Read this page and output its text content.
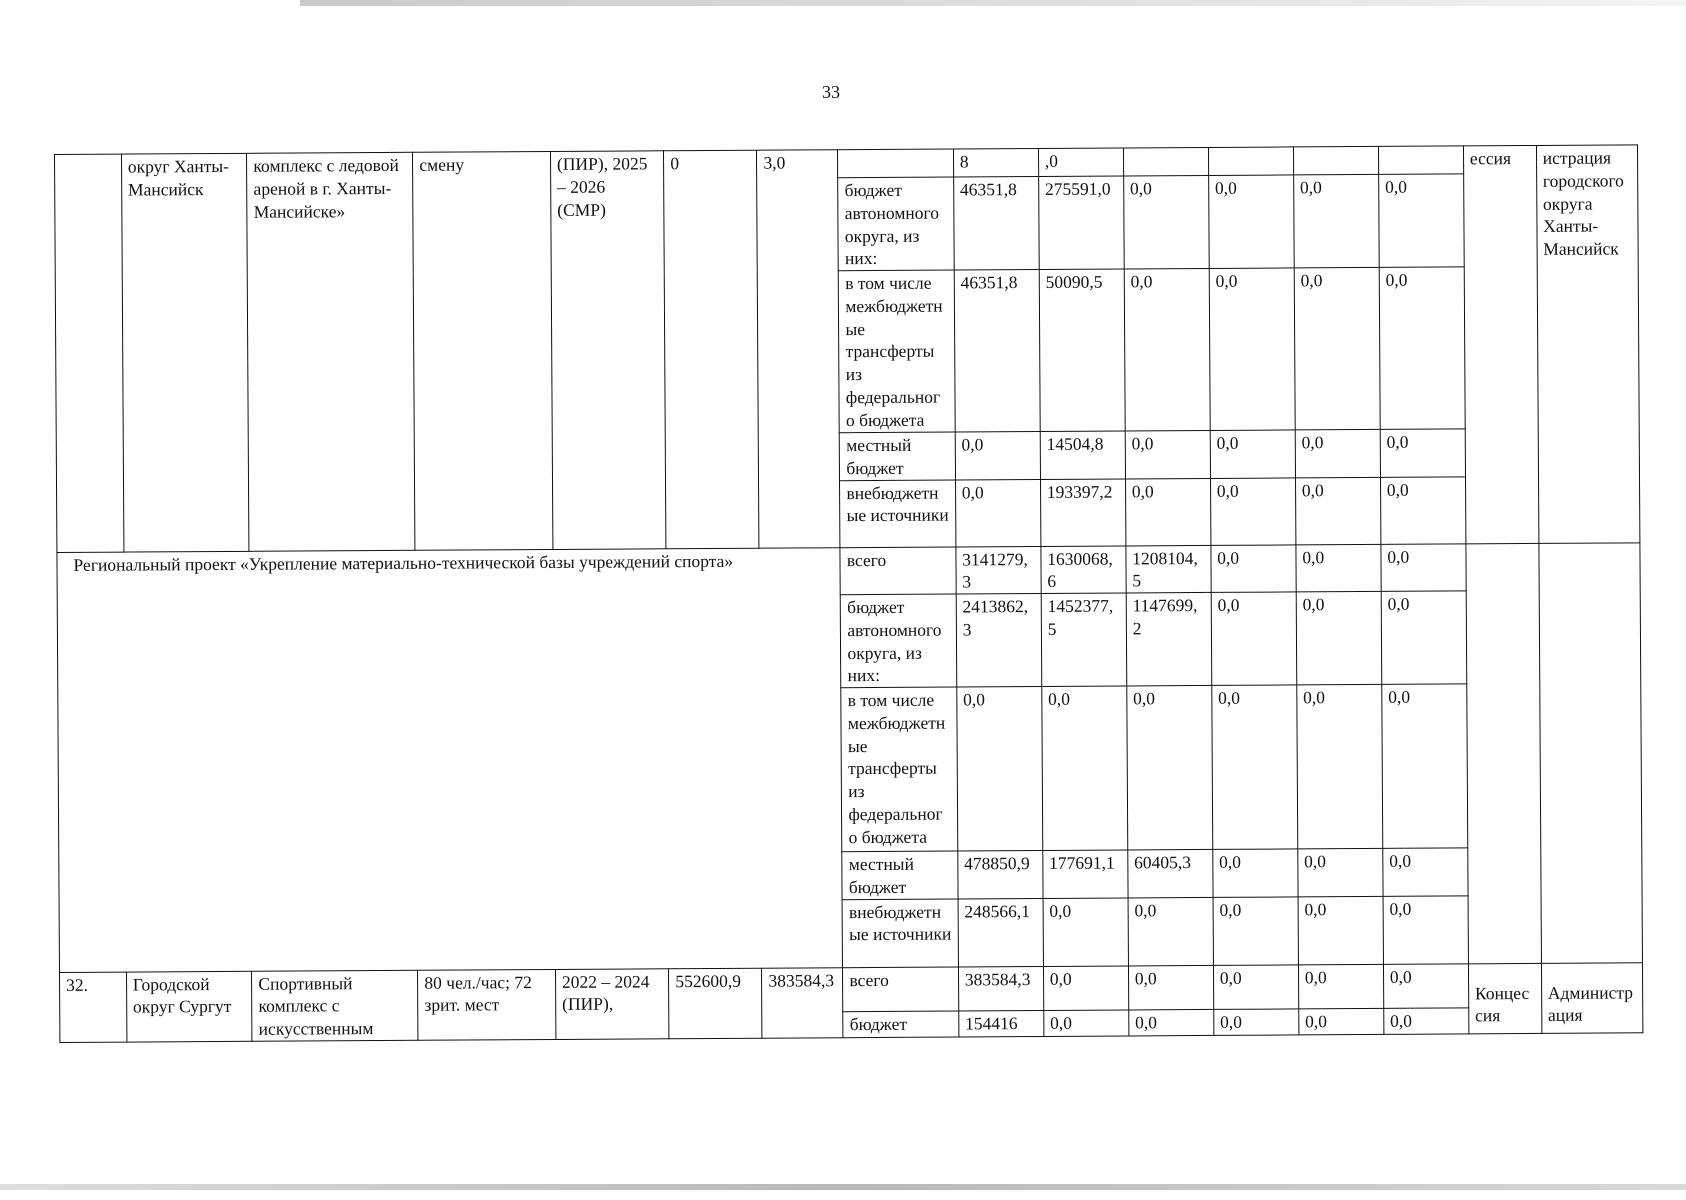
33
	округ Ханты-Мансийск	комплекс с ледовой ареной в г. Ханты-Мансийске»	смену	(ПИР), 2025 – 2026 (СМР)	0	3,0		8	,0					ессия	истрация городского округа Ханты-Мансийск
							бюджет автономного округа, из них:	46351,8	275591,0	0,0	0,0	0,0	0,0		
							в том числе межбюджетные трансферты из федерального бюджета	46351,8	50090,5	0,0	0,0	0,0	0,0		
							местный бюджет	0,0	14504,8	0,0	0,0	0,0	0,0		
							внебюджетные источники	0,0	193397,2	0,0	0,0	0,0	0,0		
Региональный проект «Укрепление материально-технической базы учреждений спорта»							всего	3141279,3	1630068,6	1208104,5	0,0	0,0	0,0		
							бюджет автономного округа, из них:	2413862,3	1452377,5	1147699,2	0,0	0,0	0,0		
							в том числе межбюджетные трансферты из федерального бюджета	0,0	0,0	0,0	0,0	0,0	0,0		
							местный бюджет	478850,9	177691,1	60405,3	0,0	0,0	0,0		
							внебюджетные источники	248566,1	0,0	0,0	0,0	0,0	0,0		
32.	Городской округ Сургут	Спортивный комплекс с искусственным	80 чел./час; 72 зрит. мест	2022 – 2024 (ПИР),	552600,9	383584,3	всего	383584,3	0,0	0,0	0,0	0,0	0,0	Концессия	Администрация
							бюджет	154416	0,0	0,0	0,0	0,0	0,0		
